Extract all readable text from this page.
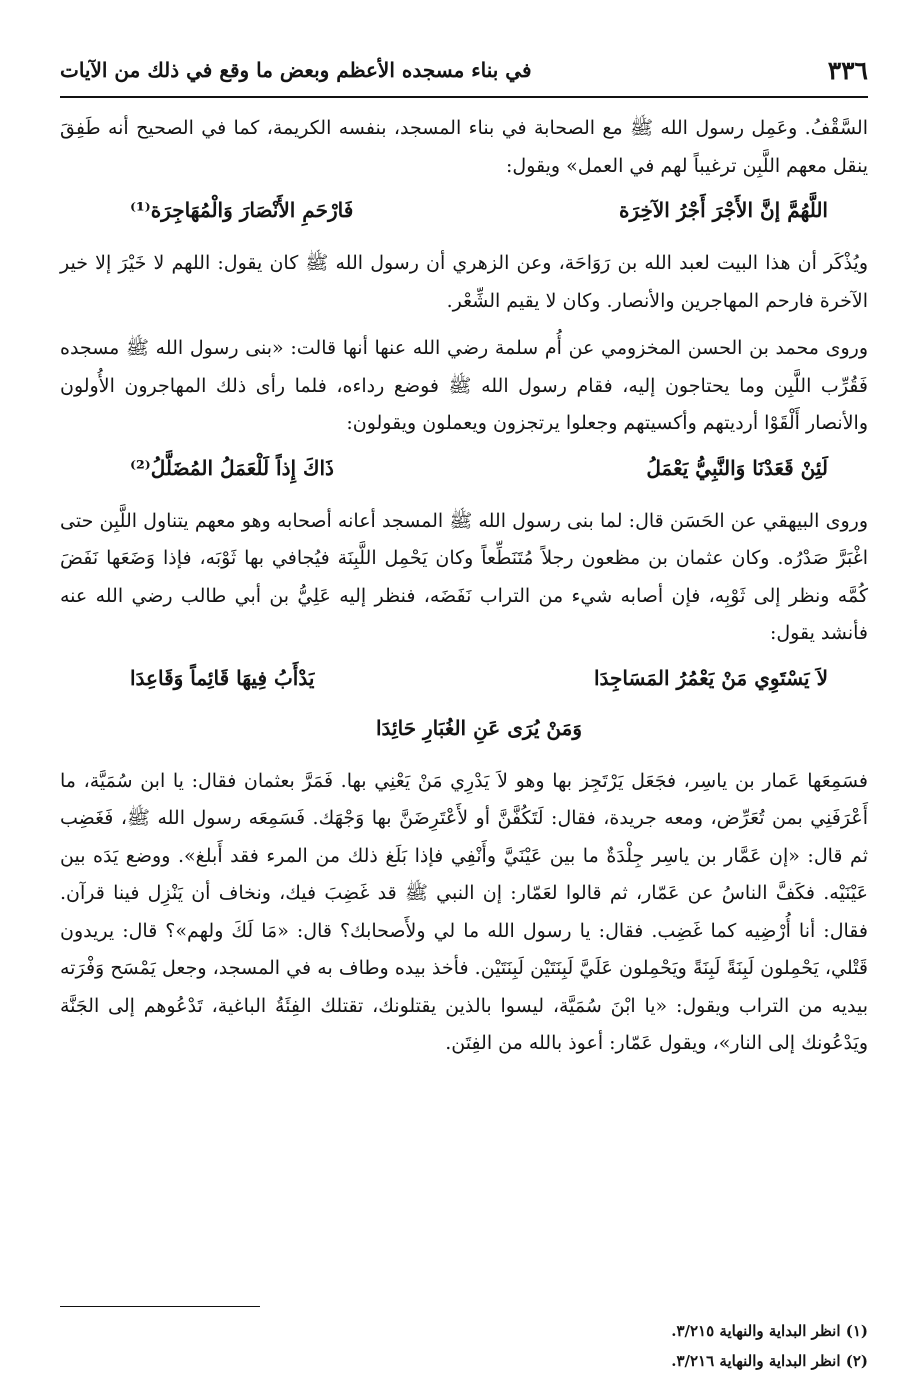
٣٣٦
في بناء مسجده الأعظم وبعض ما وقع في ذلك من الآيات

السَّقْفُ. وعَمِل رسول الله ﷺ مع الصحابة في بناء المسجد، بنفسه الكريمة، كما في الصحيح أنه طَفِقَ ينقل معهم اللَّبِن ترغيباً لهم في العمل» ويقول:

اللَّهُمَّ إنَّ الأَجْرَ أَجْرُ الآخِرَة
فَارْحَمِ الأَنْصَارَ وَالْمُهَاجِرَة⁽¹⁾

ويُذْكَر أن هذا البيت لعبد الله بن رَوَاحَة، وعن الزهري أن رسول الله ﷺ كان يقول: اللهم لا خَيْرَ إلا خير الآخرة فارحم المهاجرين والأنصار. وكان لا يقيم الشِّعْر.

وروى محمد بن الحسن المخزومي عن أُم سلمة رضي الله عنها أنها قالت: «بنى رسول الله ﷺ مسجده فَقُرِّب اللَّبِن وما يحتاجون إليه، فقام رسول الله ﷺ فوضع رداءه، فلما رأى ذلك المهاجرون الأُولون والأنصار أَلْقَوْا أرديتهم وأكسيتهم وجعلوا يرتجزون ويعملون ويقولون:

لَئِنْ قَعَدْنَا وَالنَّبِيُّ يَعْمَلُ
ذَاكَ إِذاً لَلْعَمَلُ المُضَلَّلُ⁽²⁾

وروى البيهقي عن الحَسَن قال: لما بنى رسول الله ﷺ المسجد أعانه أصحابه وهو معهم يتناول اللَّبِن حتى اغْبَرَّ صَدْرُه. وكان عثمان بن مظعون رجلاً مُتَنَطِّعاً وكان يَحْمِل اللَّبِنَة فيُجافي بها ثَوْبَه، فإذا وَضَعَها نَفَضَ كُمَّه ونظر إلى ثَوْبِه، فإن أصابه شيء من التراب نَفَضَه، فنظر إليه عَلِيُّ بن أبي طالب رضي الله عنه فأنشد يقول:

لاَ يَسْتَوِي مَنْ يَعْمُرُ المَسَاجِدَا
يَدْأَبُ فِيهَا قَائِماً وَقَاعِدَا
وَمَنْ يُرَى عَنِ الغُبَارِ حَائِدَا

فسَمِعَها عَمار بن ياسِر، فجَعَل يَرْتَجِز بها وهو لاَ يَدْرِي مَنْ يَعْنِي بها. فَمَرَّ بعثمان فقال: يا ابن سُمَيَّة، ما أَعْرَفَنِي بمن تُعَرِّض، ومعه جريدة، فقال: لَتَكُفَّنَّ أو لأَعْتَرِضَنَّ بها وَجْهَك. فَسَمِعَه رسول الله ﷺ، فَغَضِب ثم قال: «إن عَمَّار بن ياسِر جِلْدَةٌ ما بين عَيْنَيَّ وأَنْفِي فإذا بَلَغ ذلك من المرء فقد أَبلغ». ووضع يَدَه بين عَيْنَيْه. فكَفَّ الناسُ عن عَمّار، ثم قالوا لعَمّار: إن النبي ﷺ قد غَضِبَ فيك، ونخاف أن يَنْزِل فينا قرآن. فقال: أنا أُرْضِيه كما غَضِب. فقال: يا رسول الله ما لي ولأَصحابك؟ قال: «مَا لَكَ ولهم»؟ قال: يريدون قَتْلي، يَحْمِلون لَبِنَةً لَبِنَةً ويَحْمِلون عَلَيَّ لَبِنَتَيْن لَبِنَتَيْن. فأخذ بيده وطاف به في المسجد، وجعل يَمْسَح وَفْرَته بيديه من التراب ويقول: «يا ابْنَ سُمَيَّة، ليسوا بالذين يقتلونك، تقتلك الفِئَةُ الباغية، تَدْعُوهم إلى الجَنَّة ويَدْعُونك إلى النار»، ويقول عَمّار: أعوذ بالله من الفِتَن.

(١) انظر البداية والنهاية ٣/٢١٥.
(٢) انظر البداية والنهاية ٣/٢١٦.
